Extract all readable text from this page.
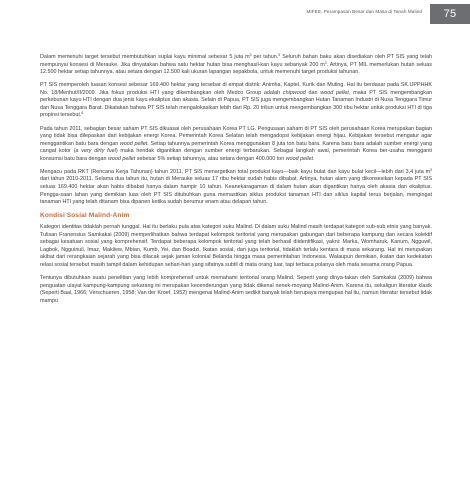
MIFEE, Perampasan Besar dan Masa di Tanah Malind	75

Dalam memenuhi target tersebut membutuhkan suplai kayu minimal sebesar 5 juta $m^3$ per tahun.$^5$ Seluruh bahan baku akan disediakan oleh PT SIS yang telah mempunyai konsesi di Merauke. Jika dinyatakan bahwa satu hektar hutan bisa menghasil-kan kayu sebanyak 200 $m^3$. Artinya, PT MIL memerlukan hutan seluas 12.500 hektar setiap tahunnya, atau setara dengan 12.500 kali ukuran lapangan sepakbola, untuk memenuhi target produksi tahunan.

PT SIS memperoleh luasan konsesi sebesar 169.400 hektar yang tersebar di empat distrik: Animha, Kaptel, Kurik dan Muting. Hal itu berdasar pada SK.UPPHHK No. 18/Menhut/II/2009. Jika fokus produksi HTI yang dikembangkan oleh Medco Group adalah chipwood dan wood pellet, maka PT SIS mengembangkan perkebunan kayu HTI dengan dua jenis kayu ekaliptus dan akasia. Selain di Papua, PT SIS juga mengembangkan Hutan Tanaman Industri di Nusa Tenggara Timur dan Nusa Tenggara Barat. Dikatakan bahwa PT SIS telah mengalokasikan lebih dari Rp. 20 triliun untuk mengembangkan 300 ribu hektar untuk produksi HTI di tiga propinsi tersebut.$^6$

Pada tahun 2011, sebagian besar saham PT SIS dikuasai oleh perusahaan Korea PT LG. Pengusaan saham di PT SIS oleh perusahaan Korea merupakan bagian yang tidak bisa dilepaskan dari kebijakan energi Korea. Pemerintah Korea Selatan telah mengadopsi kebijakan energi hijau. Kebijakan tersebut mengatur agar menggantikan batu bara dengan wood pellet. Setiap tahunnya pemerintah Korea menggunakan 8 juta ton batu bara. Karena batu bara adalah sumber energi yang cangat kotor (a very dirty fuel) maka hendak digantikan dengan sumber energi terbarukan. Sebagai langkah awal, pemerintah Korea ber-usaha mengganti konsumsi batu bara dengan wood pellet sebesar 5% setiap tahunnya, atau setara dengan 400.000 ton wood pellet.

Mengacu pada RKT (Rencana Kerja Tahunan) tahun 2011, PT SIS menargetkan total produksi kayu—baik kayu bulat dan kayu bulat kecil—lebih dari 3,4 juta $m^3$ dari tahun 2010-2011. Selama dua tahun itu, hutan di Merauke seluas 17 ribu hektar sudah habis dibabat. Artinya, hutan alam yang dikonsesikan kepada PT SIS seluas 169.400 hektar akan habis dibabat hanya dalam hampir 10 tahun. Keanekaragaman di dalam hutan akan digantikan hanya oleh akasia dan ekaliptus. Pengga-saan lahan yang demikian luas oleh PT SIS ditubuhkan guna memastikan siklus produksi tanaman HTI dan siklus kapital terus berjalan, mengingat tanaman HTI yang telah ditanam bisa dipanen ketika sudah berumur enam atau delapan tahun.

Kondisi Sosial Malind-Anim

Kategori identitas tidaklah pernah tunggal. Hal itu berlaku pula atas kategori suku Malind. Di dalam suku Malind masih terdapat kategori sub-sub etnis yang banyak. Tulisan Franensius Samkakai (2009) memperlihatkan bahwa terdapat kelompok teritorial yang merupakan gabungan dari beberapa kampung dan secara kolektif sebagai kesatuan sosial yang komprehensif. Terdapat beberapa kelompok teritorial yang telah berhasil diidentifikasi, yakni: Marka, Womharuk, Kanum, Ngguwil, Lagbok, Ngguinuil, Imaz, Makliew, Mbian, Kumb, Yei, dan Boadzi. Ikatan sosial, dan juga teritorial, tidaklah terlalu kentara di masa sekarang. Hal ini merupakan akibat dari rerangkaian sejarah yang bisa dilacak sejak jaman kolonial Belanda hingga masa pemerintahan Indonesia. Walaupun demikian, ikatan dan kedekatan relasi sosial tersebut masih tampil dalam kehidupan sehari-hari yang sifatnya subtil di mata orang luar, tapi terbaca polanya oleh mata sesama orang Papua.

Tentunya dibutuhkan suatu penelitian yang lebih komprehensif untuk memahami teritorial orang Malind. Seperti yang dinya-takan oleh Samkakai (2009) bahwa penguatan ulayat kampung-kampung sekarang ini merupakan kecenderungan yang tidak dikenal nenek-moyang Malind-Anim. Karena itu, sekaligun literatur klasik (Seperti Baal, 1966; Verschueren, 1958; Van der Kroef, 1952) mengenai Malind-Anim sedikit banyak telah berupaya mengupas hal itu, namun literatur tersebut tidak mampu
